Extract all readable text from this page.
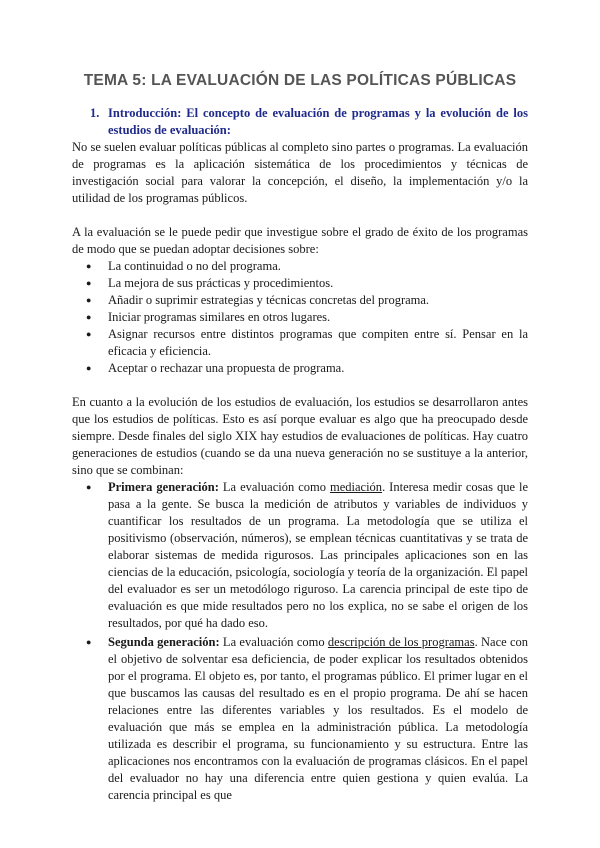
TEMA 5: LA EVALUACIÓN DE LAS POLÍTICAS PÚBLICAS
1. Introducción: El concepto de evaluación de programas y la evolución de los estudios de evaluación:

No se suelen evaluar políticas públicas al completo sino partes o programas. La evaluación de programas es la aplicación sistemática de los procedimientos y técnicas de investigación social para valorar la concepción, el diseño, la implementación y/o la utilidad de los programas públicos.

A la evaluación se le puede pedir que investigue sobre el grado de éxito de los programas de modo que se puedan adoptar decisiones sobre:

● La continuidad o no del programa.
● La mejora de sus prácticas y procedimientos.
● Añadir o suprimir estrategias y técnicas concretas del programa.
● Iniciar programas similares en otros lugares.
● Asignar recursos entre distintos programas que compiten entre sí. Pensar en la eficacia y eficiencia.
● Aceptar o rechazar una propuesta de programa.

En cuanto a la evolución de los estudios de evaluación, los estudios se desarrollaron antes que los estudios de políticas. Esto es así porque evaluar es algo que ha preocupado desde siempre. Desde finales del siglo XIX hay estudios de evaluaciones de políticas. Hay cuatro generaciones de estudios (cuando se da una nueva generación no se sustituye a la anterior, sino que se combinan:

● Primera generación: La evaluación como mediación. Interesa medir cosas que le pasa a la gente. Se busca la medición de atributos y variables de individuos y cuantificar los resultados de un programa. La metodología que se utiliza el positivismo (observación, números), se emplean técnicas cuantitativas y se trata de elaborar sistemas de medida rigurosos. Las principales aplicaciones son en las ciencias de la educación, psicología, sociología y teoría de la organización. El papel del evaluador es ser un metodólogo riguroso. La carencia principal de este tipo de evaluación es que mide resultados pero no los explica, no se sabe el origen de los resultados, por qué ha dado eso.
● Segunda generación: La evaluación como descripción de los programas. Nace con el objetivo de solventar esa deficiencia, de poder explicar los resultados obtenidos por el programa. El objeto es, por tanto, el programas público. El primer lugar en el que buscamos las causas del resultado es en el propio programa. De ahí se hacen relaciones entre las diferentes variables y los resultados. Es el modelo de evaluación que más se emplea en la administración pública. La metodología utilizada es describir el programa, su funcionamiento y su estructura. Entre las aplicaciones nos encontramos con la evaluación de programas clásicos. En el papel del evaluador no hay una diferencia entre quien gestiona y quien evalúa. La carencia principal es que
